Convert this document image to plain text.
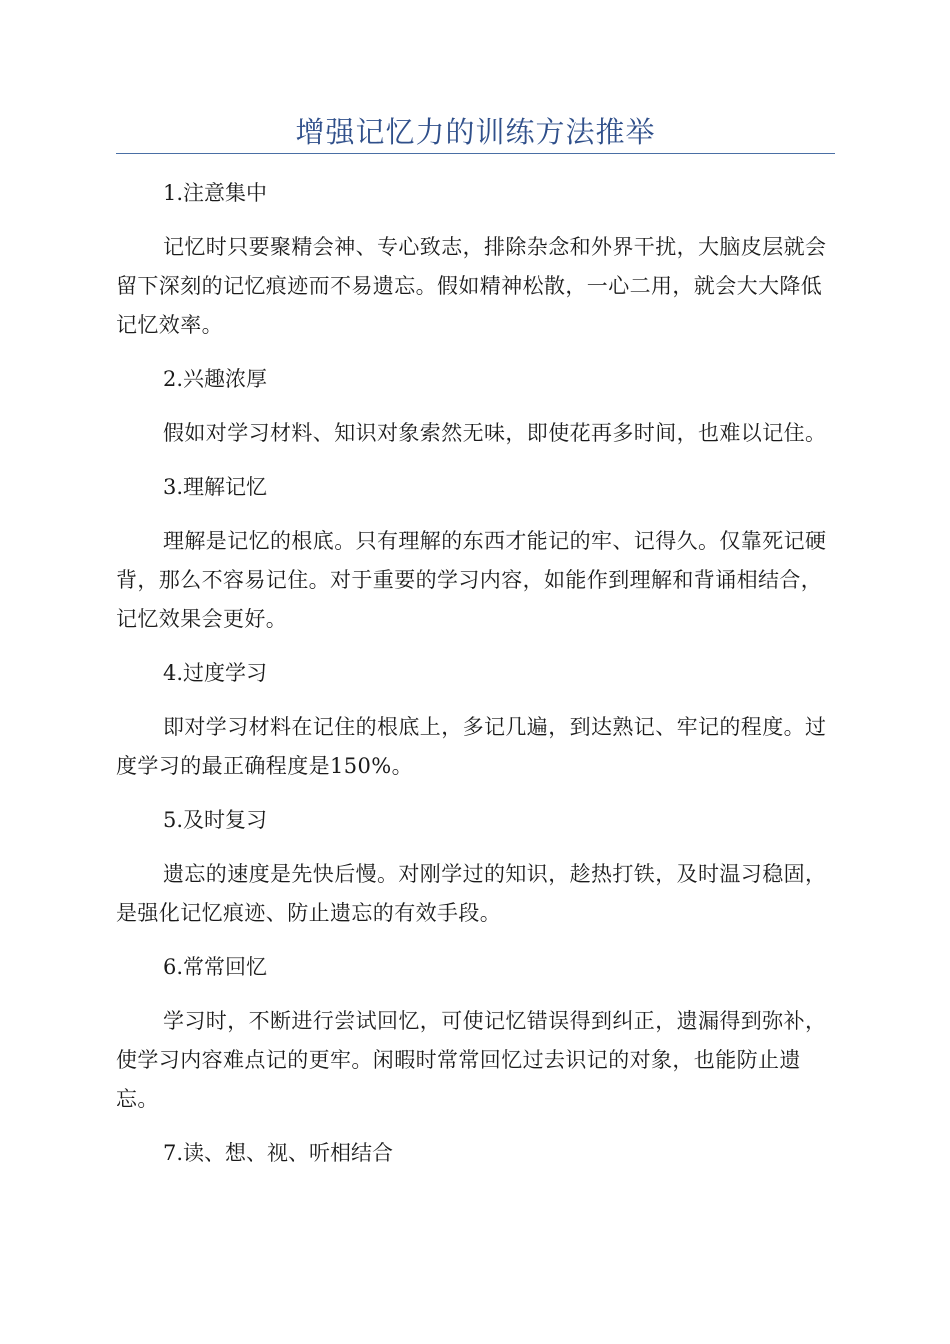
增强记忆力的训练方法推举

1.注意集中

记忆时只要聚精会神、专心致志，排除杂念和外界干扰，大脑皮层就会留下深刻的记忆痕迹而不易遗忘。假如精神松散，一心二用，就会大大降低记忆效率。

2.兴趣浓厚

假如对学习材料、知识对象索然无味，即使花再多时间，也难以记住。

3.理解记忆

理解是记忆的根底。只有理解的东西才能记的牢、记得久。仅靠死记硬背，那么不容易记住。对于重要的学习内容，如能作到理解和背诵相结合，记忆效果会更好。

4.过度学习

即对学习材料在记住的根底上，多记几遍，到达熟记、牢记的程度。过度学习的最正确程度是150%。

5.及时复习

遗忘的速度是先快后慢。对刚学过的知识，趁热打铁，及时温习稳固，是强化记忆痕迹、防止遗忘的有效手段。

6.常常回忆

学习时，不断进行尝试回忆，可使记忆错误得到纠正，遗漏得到弥补，使学习内容难点记的更牢。闲暇时常常回忆过去识记的对象，也能防止遗忘。

7.读、想、视、听相结合
